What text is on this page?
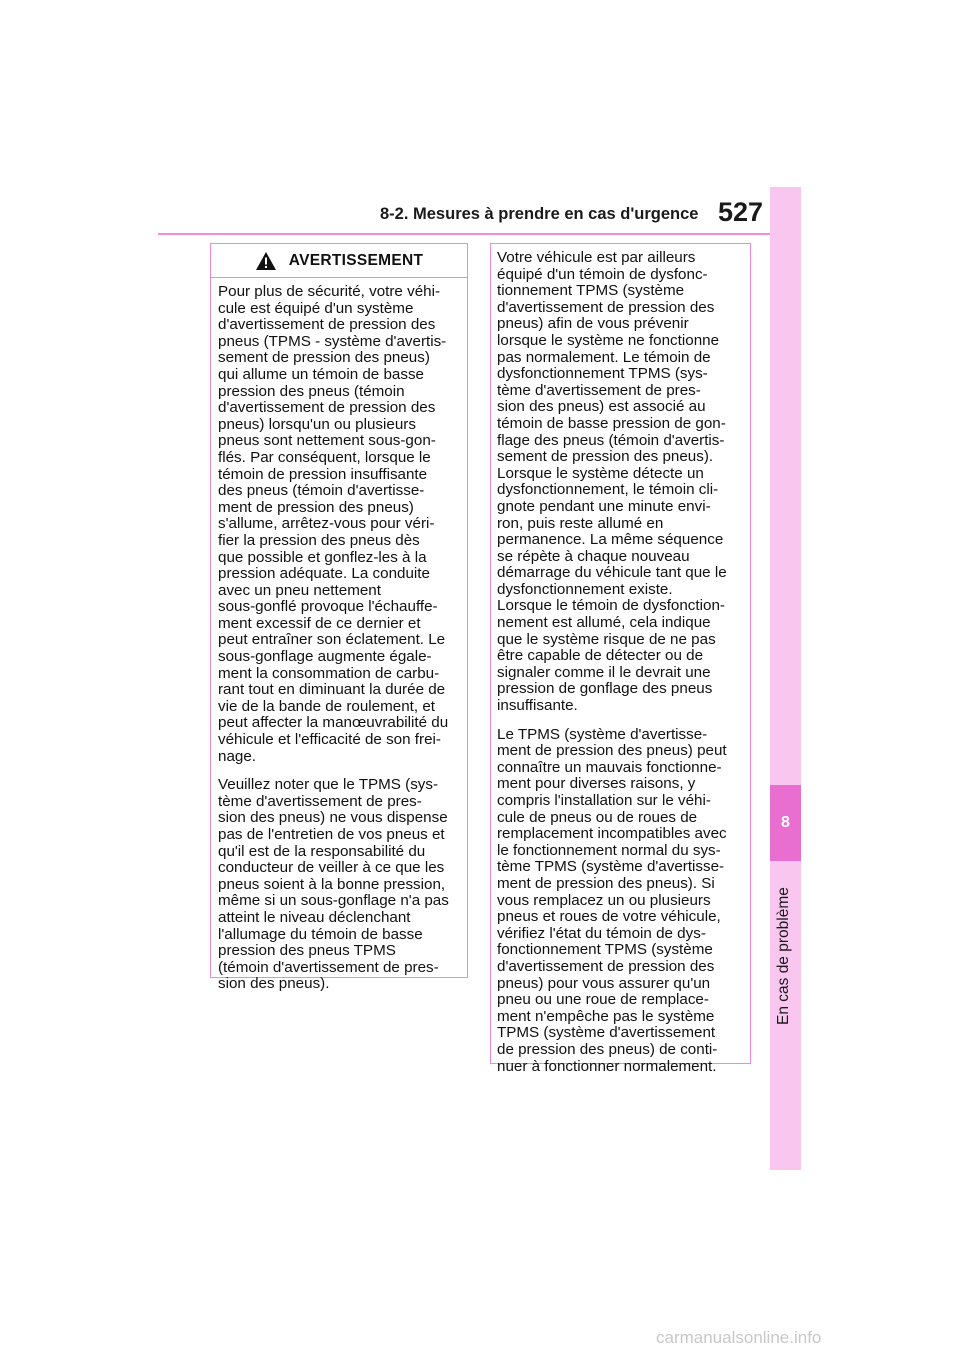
8-2. Mesures à prendre en cas d'urgence 527
8
En cas de problème
AVERTISSEMENT
Pour plus de sécurité, votre véhi-
cule est équipé d'un système
d'avertissement de pression des
pneus (TPMS - système d'avertis-
sement de pression des pneus)
qui allume un témoin de basse
pression des pneus (témoin
d'avertissement de pression des
pneus) lorsqu'un ou plusieurs
pneus sont nettement sous-gon-
flés. Par conséquent, lorsque le
témoin de pression insuffisante
des pneus (témoin d'avertisse-
ment de pression des pneus)
s'allume, arrêtez-vous pour véri-
fier la pression des pneus dès
que possible et gonflez-les à la
pression adéquate. La conduite
avec un pneu nettement
sous-gonflé provoque l'échauffe-
ment excessif de ce dernier et
peut entraîner son éclatement. Le
sous-gonflage augmente égale-
ment la consommation de carbu-
rant tout en diminuant la durée de
vie de la bande de roulement, et
peut affecter la manœuvrabilité du
véhicule et l'efficacité de son frei-
nage.
Veuillez noter que le TPMS (sys-
tème d'avertissement de pres-
sion des pneus) ne vous dispense
pas de l'entretien de vos pneus et
qu'il est de la responsabilité du
conducteur de veiller à ce que les
pneus soient à la bonne pression,
même si un sous-gonflage n'a pas
atteint le niveau déclenchant
l'allumage du témoin de basse
pression des pneus TPMS
(témoin d'avertissement de pres-
sion des pneus).
Votre véhicule est par ailleurs
équipé d'un témoin de dysfonc-
tionnement TPMS (système
d'avertissement de pression des
pneus) afin de vous prévenir
lorsque le système ne fonctionne
pas normalement. Le témoin de
dysfonctionnement TPMS (sys-
tème d'avertissement de pres-
sion des pneus) est associé au
témoin de basse pression de gon-
flage des pneus (témoin d'avertis-
sement de pression des pneus).
Lorsque le système détecte un
dysfonctionnement, le témoin cli-
gnote pendant une minute envi-
ron, puis reste allumé en
permanence. La même séquence
se répète à chaque nouveau
démarrage du véhicule tant que le
dysfonctionnement existe.
Lorsque le témoin de dysfonction-
nement est allumé, cela indique
que le système risque de ne pas
être capable de détecter ou de
signaler comme il le devrait une
pression de gonflage des pneus
insuffisante.
Le TPMS (système d'avertisse-
ment de pression des pneus) peut
connaître un mauvais fonctionne-
ment pour diverses raisons, y
compris l'installation sur le véhi-
cule de pneus ou de roues de
remplacement incompatibles avec
le fonctionnement normal du sys-
tème TPMS (système d'avertisse-
ment de pression des pneus). Si
vous remplacez un ou plusieurs
pneus et roues de votre véhicule,
vérifiez l'état du témoin de dys-
fonctionnement TPMS (système
d'avertissement de pression des
pneus) pour vous assurer qu'un
pneu ou une roue de remplace-
ment n'empêche pas le système
TPMS (système d'avertissement
de pression des pneus) de conti-
nuer à fonctionner normalement.
carmanualsonline.info
